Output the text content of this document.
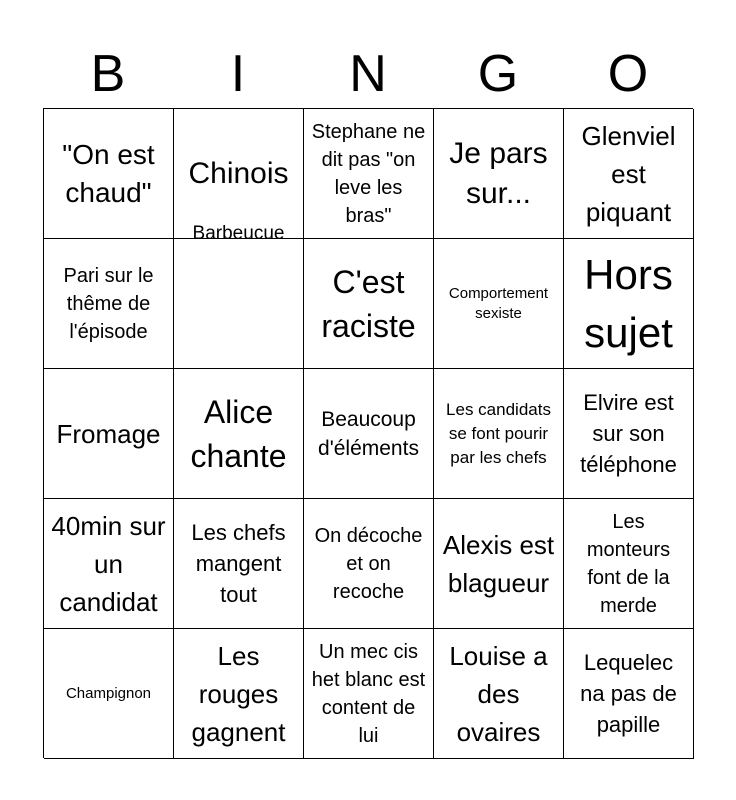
B	I	N	G	O
"On est chaud"
Chinois
Barbeucue
Stephane ne dit pas "on leve les bras"
Je pars sur...
Glenviel est piquant
Pari sur le thême de l'épisode
C'est raciste
Comportement sexiste
Hors sujet
Fromage
Alice chante
Beaucoup d'éléments
Les candidats se font pourir par les chefs
Elvire est sur son téléphone
40min sur un candidat
Les chefs mangent tout
On décoche et on recoche
Alexis est blagueur
Les monteurs font de la merde
Champignon
Les rouges gagnent
Un mec cis het blanc est content de lui
Louise a des ovaires
Lequelec na pas de papille
